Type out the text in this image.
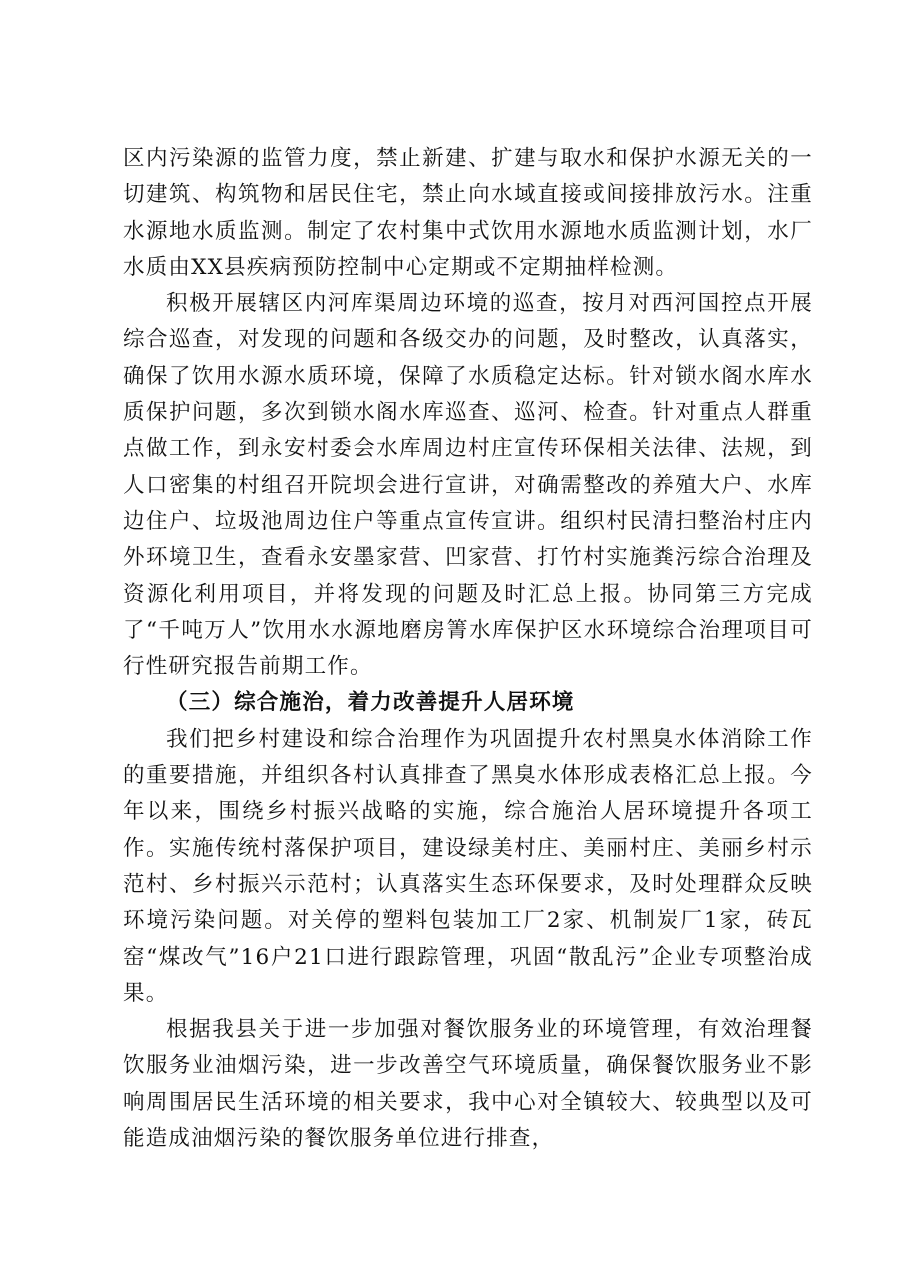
区内污染源的监管力度，禁止新建、扩建与取水和保护水源无关的一切建筑、构筑物和居民住宅，禁止向水域直接或间接排放污水。注重水源地水质监测。制定了农村集中式饮用水源地水质监测计划，水厂水质由XX县疾病预防控制中心定期或不定期抽样检测。

积极开展辖区内河库渠周边环境的巡查，按月对西河国控点开展综合巡查，对发现的问题和各级交办的问题，及时整改，认真落实，确保了饮用水源水质环境，保障了水质稳定达标。针对锁水阁水库水质保护问题，多次到锁水阁水库巡查、巡河、检查。针对重点人群重点做工作，到永安村委会水库周边村庄宣传环保相关法律、法规，到人口密集的村组召开院坝会进行宣讲，对确需整改的养殖大户、水库边住户、垃圾池周边住户等重点宣传宣讲。组织村民清扫整治村庄内外环境卫生，查看永安墨家营、凹家营、打竹村实施粪污综合治理及资源化利用项目，并将发现的问题及时汇总上报。协同第三方完成了“千吨万人”饮用水水源地磨房箐水库保护区水环境综合治理项目可行性研究报告前期工作。

（三）综合施治，着力改善提升人居环境

我们把乡村建设和综合治理作为巩固提升农村黑臭水体消除工作的重要措施，并组织各村认真排查了黑臭水体形成表格汇总上报。今年以来，围绕乡村振兴战略的实施，综合施治人居环境提升各项工作。实施传统村落保护项目，建设绿美村庄、美丽村庄、美丽乡村示范村、乡村振兴示范村；认真落实生态环保要求，及时处理群众反映环境污染问题。对关停的塑料包装加工厂2家、机制炭厂1家，砖瓦窑“煤改气”16户21口进行跟踪管理，巩固“散乱污”企业专项整治成果。

根据我县关于进一步加强对餐饮服务业的环境管理，有效治理餐饮服务业油烟污染，进一步改善空气环境质量，确保餐饮服务业不影响周围居民生活环境的相关要求，我中心对全镇较大、较典型以及可能造成油烟污染的餐饮服务单位进行排查，
